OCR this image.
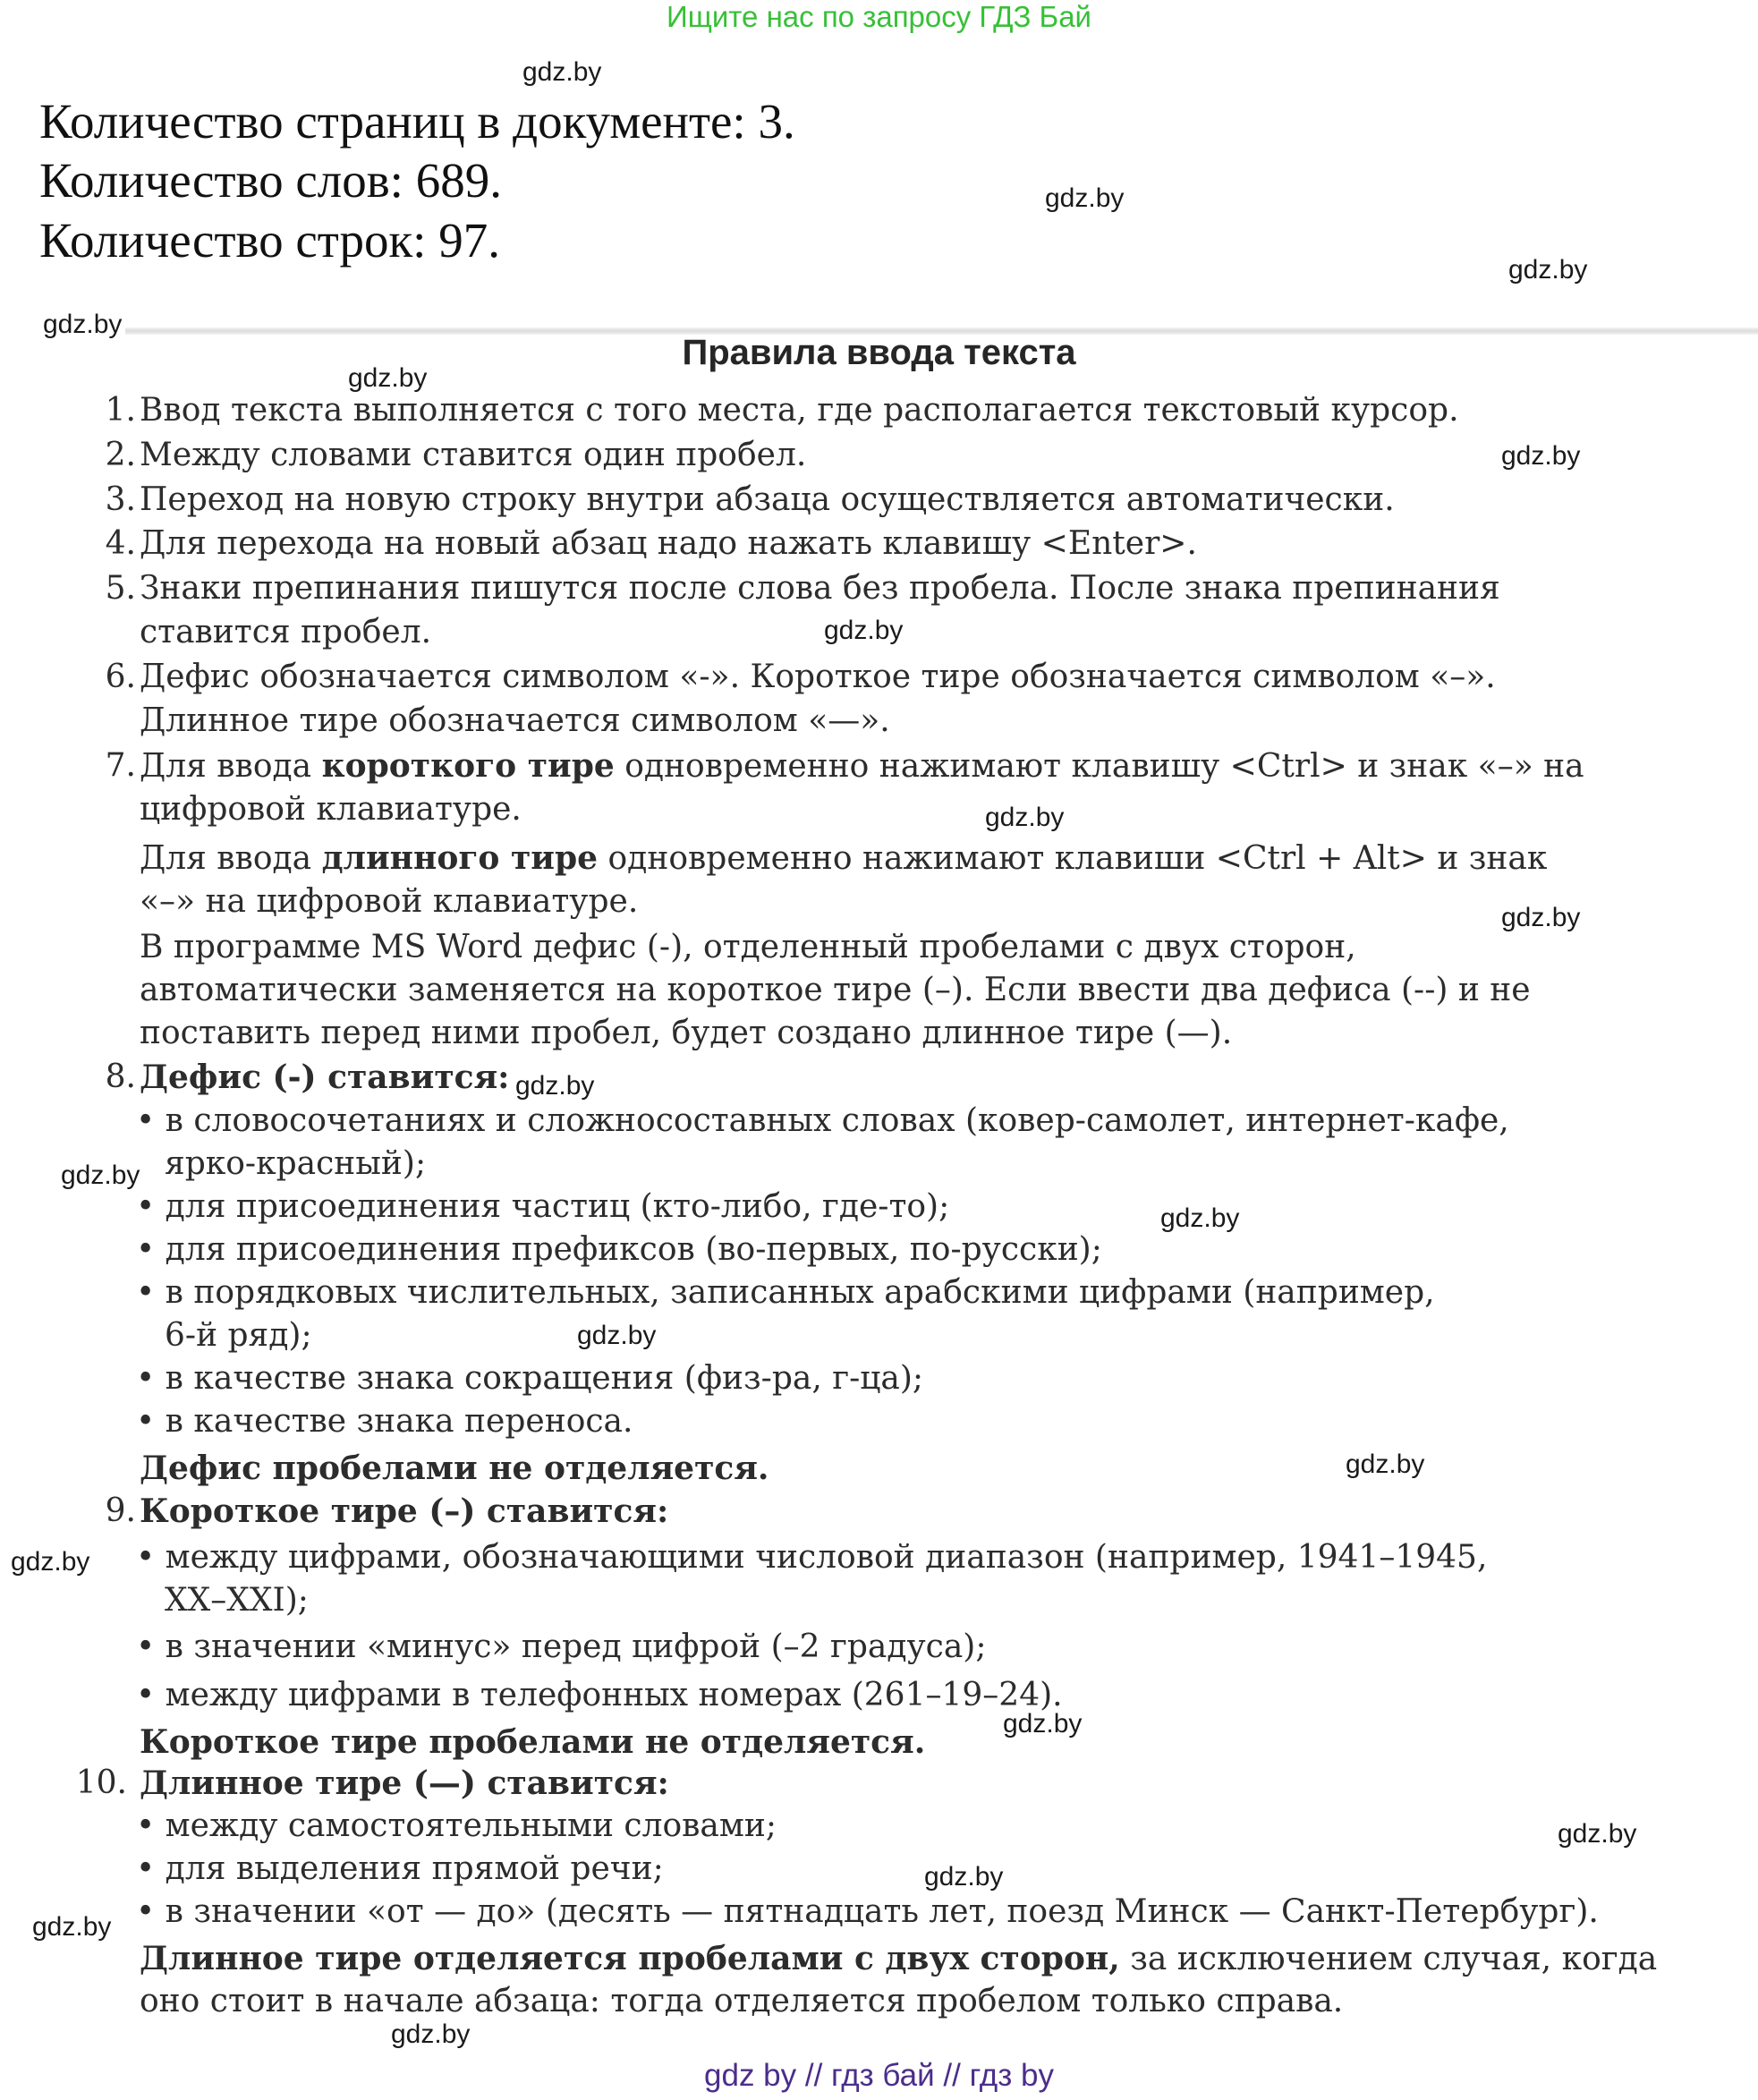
Ищите нас по запросу ГДЗ Бай
Количество страниц в документе: 3.
Количество слов: 689.
Количество строк: 97.
Правила ввода текста
1. Ввод текста выполняется с того места, где располагается текстовый курсор.
2. Между словами ставится один пробел.
3. Переход на новую строку внутри абзаца осуществляется автоматически.
4. Для перехода на новый абзац надо нажать клавишу <Enter>.
5. Знаки препинания пишутся после слова без пробела. После знака препинания
ставится пробел.
6. Дефис обозначается символом «-». Короткое тире обозначается символом «–».
Длинное тире обозначается символом «—».
7. Для ввода короткого тире одновременно нажимают клавишу <Ctrl> и знак «–» на
цифровой клавиатуре.
Для ввода длинного тире одновременно нажимают клавиши <Ctrl + Alt> и знак
«–» на цифровой клавиатуре.
В программе MS Word дефис (-), отделенный пробелами с двух сторон,
автоматически заменяется на короткое тире (–). Если ввести два дефиса (--) и не
поставить перед ними пробел, будет создано длинное тире (—).
8. Дефис (-) ставится:
• в словосочетаниях и сложносоставных словах (ковер-самолет, интернет-кафе,
ярко-красный);
• для присоединения частиц (кто-либо, где-то);
• для присоединения префиксов (во-первых, по-русски);
• в порядковых числительных, записанных арабскими цифрами (например,
6-й ряд);
• в качестве знака сокращения (физ-ра, г-ца);
• в качестве знака переноса.
Дефис пробелами не отделяется.
9. Короткое тире (–) ставится:
• между цифрами, обозначающими числовой диапазон (например, 1941–1945,
XX–XXI);
• в значении «минус» перед цифрой (–2 градуса);
• между цифрами в телефонных номерах (261–19–24).
Короткое тире пробелами не отделяется.
10. Длинное тире (—) ставится:
• между самостоятельными словами;
• для выделения прямой речи;
• в значении «от — до» (десять — пятнадцать лет, поезд Минск — Санкт-Петербург).
Длинное тире отделяется пробелами с двух сторон, за исключением случая, когда
оно стоит в начале абзаца: тогда отделяется пробелом только справа.
gdz.by
gdz.by
gdz.by
gdz.by
gdz.by
gdz.by
gdz.by
gdz.by
gdz.by
gdz.by
gdz.by
gdz.by
gdz.by
gdz.by
gdz.by
gdz.by
gdz.by
gdz.by
gdz.by
gdz.by
gdz by // гдз бай // гдз by
